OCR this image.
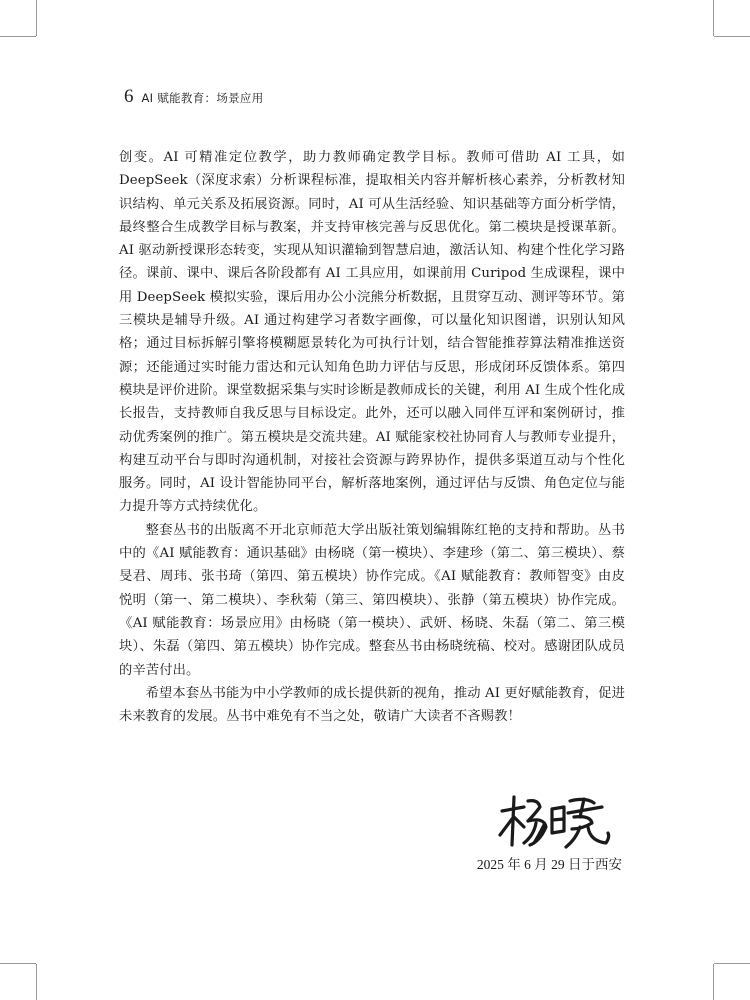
6 AI 赋能教育：场景应用

创变。AI 可精准定位教学，助力教师确定教学目标。教师可借助 AI 工具，如 DeepSeek（深度求索）分析课程标准，提取相关内容并解析核心素养，分析教材知识结构、单元关系及拓展资源。同时，AI 可从生活经验、知识基础等方面分析学情，最终整合生成教学目标与教案，并支持审核完善与反思优化。第二模块是授课革新。AI 驱动新授课形态转变，实现从知识灌输到智慧启迪，激活认知、构建个性化学习路径。课前、课中、课后各阶段都有 AI 工具应用，如课前用 Curipod 生成课程，课中用 DeepSeek 模拟实验，课后用办公小浣熊分析数据，且贯穿互动、测评等环节。第三模块是辅导升级。AI 通过构建学习者数字画像，可以量化知识图谱，识别认知风格；通过目标拆解引擎将模糊愿景转化为可执行计划，结合智能推荐算法精准推送资源；还能通过实时能力雷达和元认知角色助力评估与反思，形成闭环反馈体系。第四模块是评价进阶。课堂数据采集与实时诊断是教师成长的关键，利用 AI 生成个性化成长报告，支持教师自我反思与目标设定。此外，还可以融入同伴互评和案例研讨，推动优秀案例的推广。第五模块是交流共建。AI 赋能家校社协同育人与教师专业提升，构建互动平台与即时沟通机制，对接社会资源与跨界协作，提供多渠道互动与个性化服务。同时，AI 设计智能协同平台，解析落地案例，通过评估与反馈、角色定位与能力提升等方式持续优化。

整套丛书的出版离不开北京师范大学出版社策划编辑陈红艳的支持和帮助。丛书中的《AI 赋能教育：通识基础》由杨晓（第一模块）、李建珍（第二、第三模块）、蔡旻君、周玮、张书琦（第四、第五模块）协作完成。《AI 赋能教育：教师智变》由皮悦明（第一、第二模块）、李秋菊（第三、第四模块）、张静（第五模块）协作完成。《AI 赋能教育：场景应用》由杨晓（第一模块）、武妍、杨晓、朱磊（第二、第三模块）、朱磊（第四、第五模块）协作完成。整套丛书由杨晓统稿、校对。感谢团队成员的辛苦付出。

希望本套丛书能为中小学教师的成长提供新的视角，推动 AI 更好赋能教育，促进未来教育的发展。丛书中难免有不当之处，敬请广大读者不吝赐教！

2025 年 6 月 29 日于西安
